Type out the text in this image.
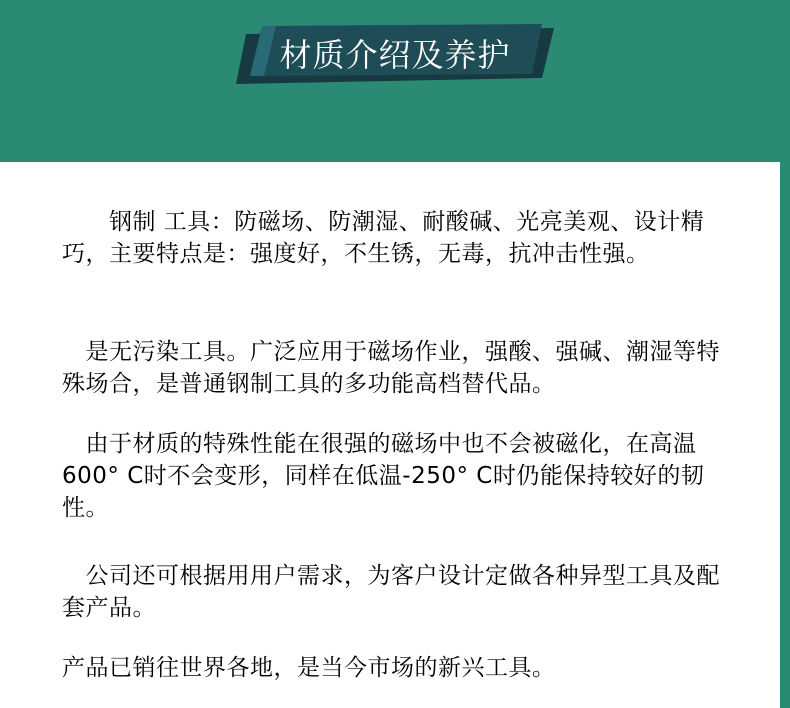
材质介绍及养护

　　钢制 工具：防磁场、防潮湿、耐酸碱、光亮美观、设计精巧，主要特点是：强度好，不生锈，无毒，抗冲击性强。

　是无污染工具。广泛应用于磁场作业，强酸、强碱、潮湿等特殊场合，是普通钢制工具的多功能高档替代品。

　由于材质的特殊性能在很强的磁场中也不会被磁化，在高温600° C时不会变形，同样在低温-250° C时仍能保持较好的韧性。

　公司还可根据用用户需求，为客户设计定做各种异型工具及配套产品。

产品已销往世界各地，是当今市场的新兴工具。
